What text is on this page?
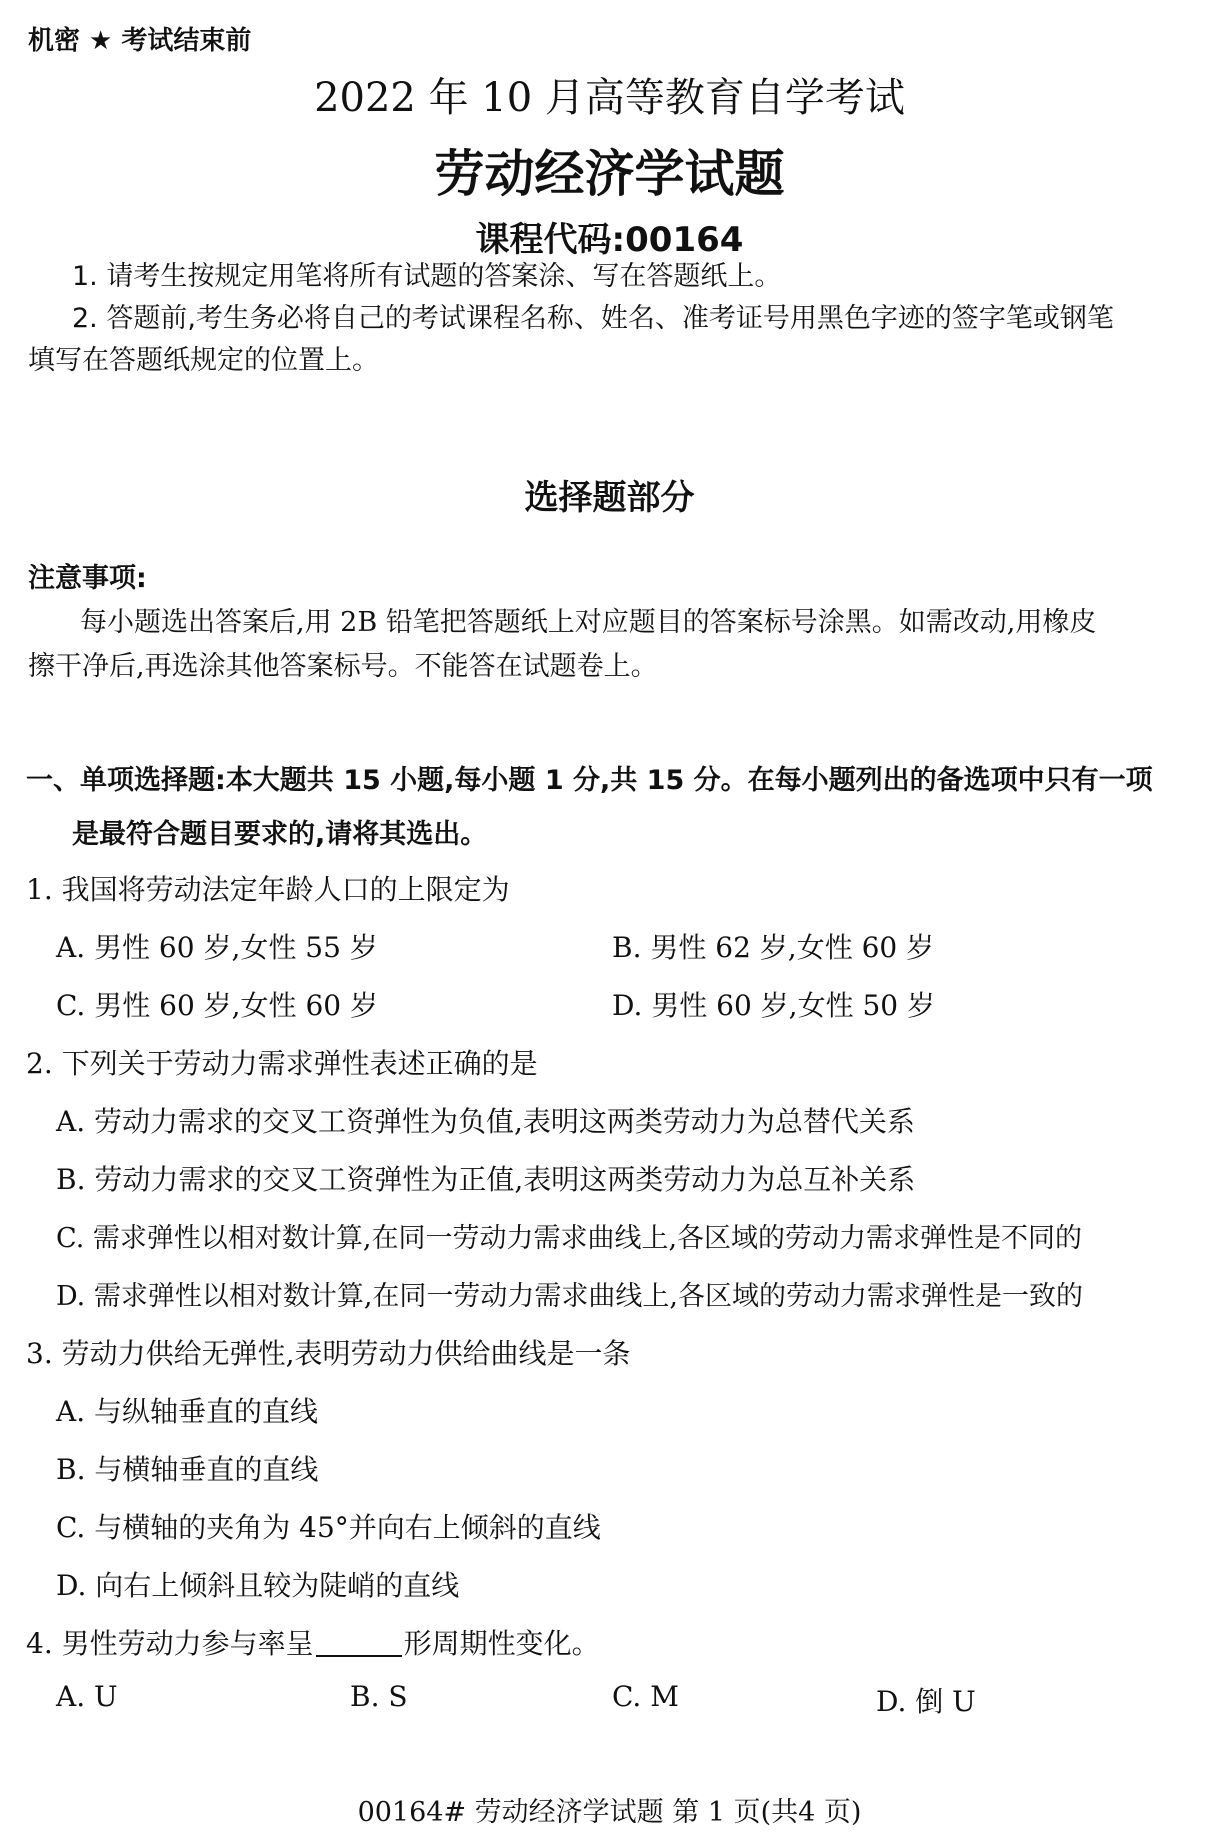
机密 ★ 考试结束前
2022 年 10 月高等教育自学考试
劳动经济学试题
课程代码:00164
1. 请考生按规定用笔将所有试题的答案涂、写在答题纸上。
2. 答题前,考生务必将自己的考试课程名称、姓名、准考证号用黑色字迹的签字笔或钢笔
填写在答题纸规定的位置上。
选择题部分
注意事项:
每小题选出答案后,用 2B 铅笔把答题纸上对应题目的答案标号涂黑。如需改动,用橡皮
擦干净后,再选涂其他答案标号。不能答在试题卷上。
一、单项选择题:本大题共 15 小题,每小题 1 分,共 15 分。在每小题列出的备选项中只有一项
是最符合题目要求的,请将其选出。
1. 我国将劳动法定年龄人口的上限定为
A. 男性 60 岁,女性 55 岁	B. 男性 62 岁,女性 60 岁
C. 男性 60 岁,女性 60 岁	D. 男性 60 岁,女性 50 岁
2. 下列关于劳动力需求弹性表述正确的是
A. 劳动力需求的交叉工资弹性为负值,表明这两类劳动力为总替代关系
B. 劳动力需求的交叉工资弹性为正值,表明这两类劳动力为总互补关系
C. 需求弹性以相对数计算,在同一劳动力需求曲线上,各区域的劳动力需求弹性是不同的
D. 需求弹性以相对数计算,在同一劳动力需求曲线上,各区域的劳动力需求弹性是一致的
3. 劳动力供给无弹性,表明劳动力供给曲线是一条
A. 与纵轴垂直的直线
B. 与横轴垂直的直线
C. 与横轴的夹角为 45°并向右上倾斜的直线
D. 向右上倾斜且较为陡峭的直线
4. 男性劳动力参与率呈	形周期性变化。
A. U	B. S	C. M	D. 倒 U
00164# 劳动经济学试题 第 1 页(共4 页)
